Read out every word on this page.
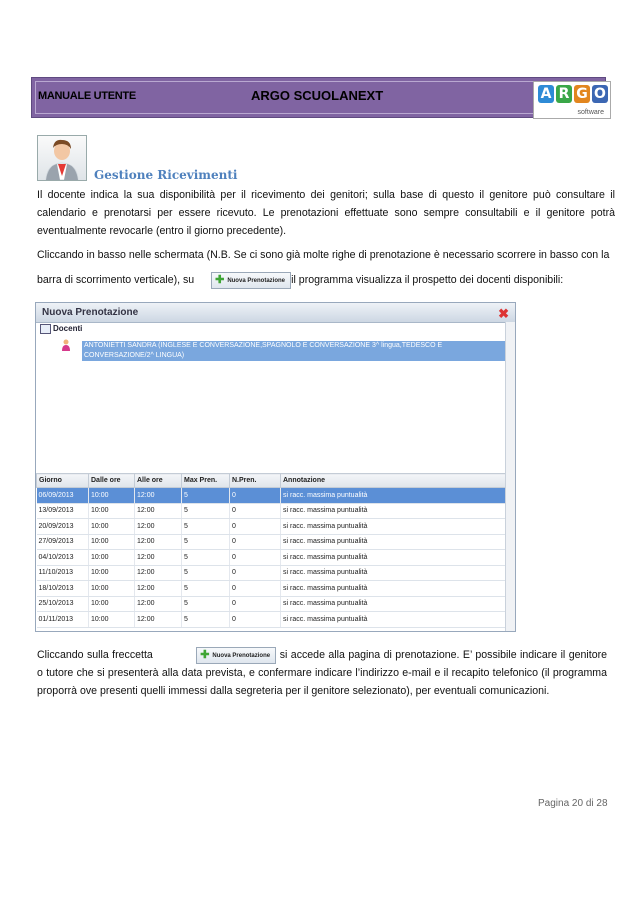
MANUALE UTENTE	ARGO SCUOLANEXT	A R G O
software
Gestione Ricevimenti
Il docente indica la sua disponibilità per il ricevimento dei genitori; sulla base di questo il genitore può consultare il calendario e prenotarsi per essere ricevuto. Le prenotazioni effettuate sono sempre consultabili e il genitore potrà eventualmente revocarle (entro il giorno precedente).
Cliccando in basso nelle schermata (N.B. Se ci sono già molte righe di prenotazione è necessario scorrere in basso con la
barra di scorrimento verticale), su ✚ Nuova Prenotazione il programma visualizza il prospetto dei docenti disponibili:
Nuova Prenotazione	✖
Docenti
ANTONIETTI SANDRA (INGLESE E CONVERSAZIONE,SPAGNOLO E CONVERSAZIONE 3^ lingua,TEDESCO E CONVERSAZIONE/2^ LINGUA)
Giorno	Dalle ore	Alle ore	Max Pren.	N.Pren.	Annotazione
06/09/2013	10:00	12:00	5	0	si racc. massima puntualità
13/09/2013	10:00	12:00	5	0	si racc. massima puntualità
20/09/2013	10:00	12:00	5	0	si racc. massima puntualità
27/09/2013	10:00	12:00	5	0	si racc. massima puntualità
04/10/2013	10:00	12:00	5	0	si racc. massima puntualità
11/10/2013	10:00	12:00	5	0	si racc. massima puntualità
18/10/2013	10:00	12:00	5	0	si racc. massima puntualità
25/10/2013	10:00	12:00	5	0	si racc. massima puntualità
01/11/2013	10:00	12:00	5	0	si racc. massima puntualità
Cliccando sulla freccetta	✚ Nuova Prenotazione si accede alla pagina di prenotazione. E’ possibile indicare il genitore o tutore che si presenterà alla data prevista, e confermare indicare l’indirizzo e-mail e il recapito telefonico (il programma proporrà ove presenti quelli immessi dalla segreteria per il genitore selezionato), per eventuali comunicazioni.
Pagina 20 di 28
